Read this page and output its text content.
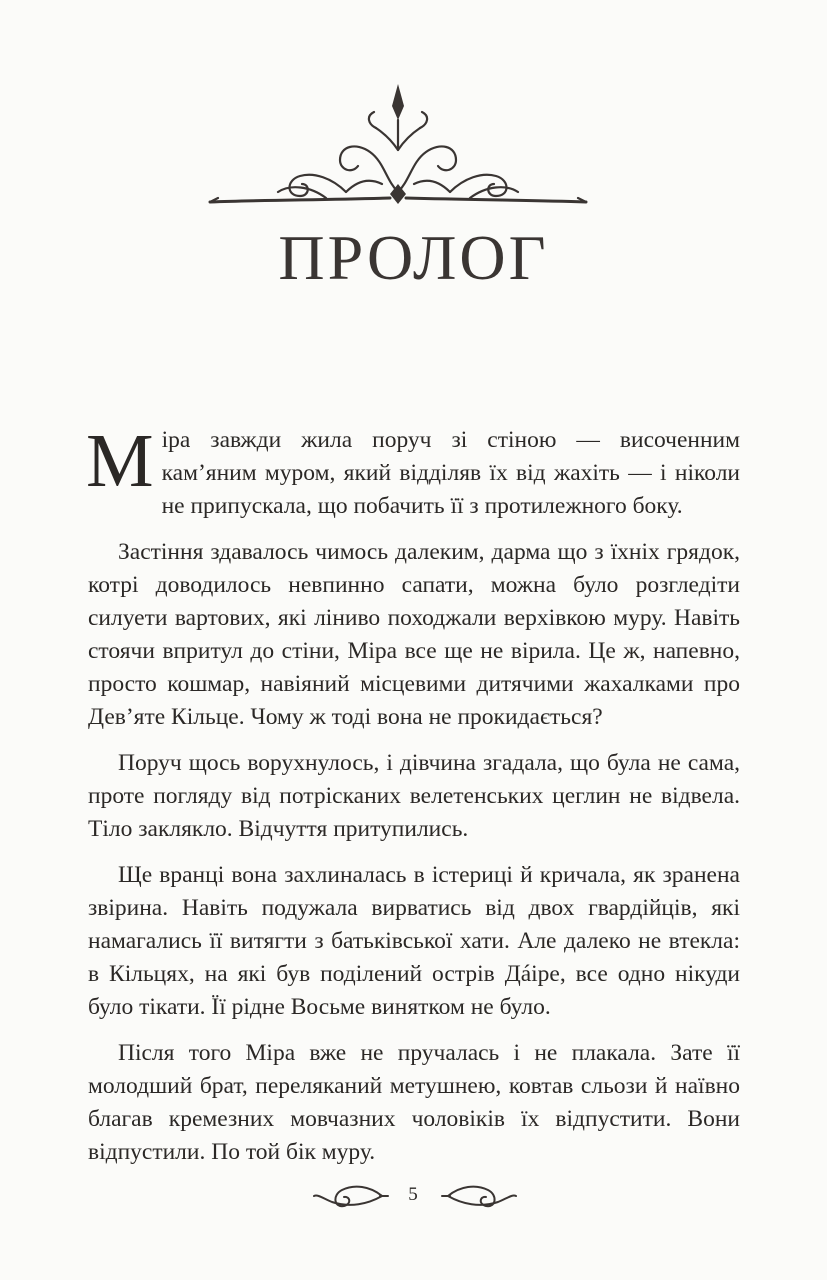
ПРОЛОГ

Міра завжди жила поруч зі стіною — височенним кам’яним муром, який відділяв їх від жахіть — і ніколи не припускала, що побачить її з протилежного боку.

Застіння здавалось чимось далеким, дарма що з їхніх грядок, котрі доводилось невпинно сапати, можна було розгледіти силуети вартових, які ліниво походжали верхівкою муру. Навіть стоячи впритул до стіни, Міра все ще не вірила. Це ж, напевно, просто кошмар, навіяний місцевими дитячими жахалками про Дев’яте Кільце. Чому ж тоді вона не прокидається?

Поруч щось ворухнулось, і дівчина згадала, що була не сама, проте погляду від потрісканих велетенських цеглин не відвела. Тіло заклякло. Відчуття притупились.

Ще вранці вона захлиналась в істериці й кричала, як зранена звірина. Навіть подужала вирватись від двох гвардійців, які намагались її витягти з батьківської хати. Але далеко не втекла: в Кільцях, на які був поділений острів Дáіре, все одно нікуди було тікати. Її рідне Восьме винятком не було.

Після того Міра вже не пручалась і не плакала. Зате її молодший брат, переляканий метушнею, ковтав сльози й наївно благав кремезних мовчазних чоловіків їх відпустити. Вони відпустили. По той бік муру.

5
